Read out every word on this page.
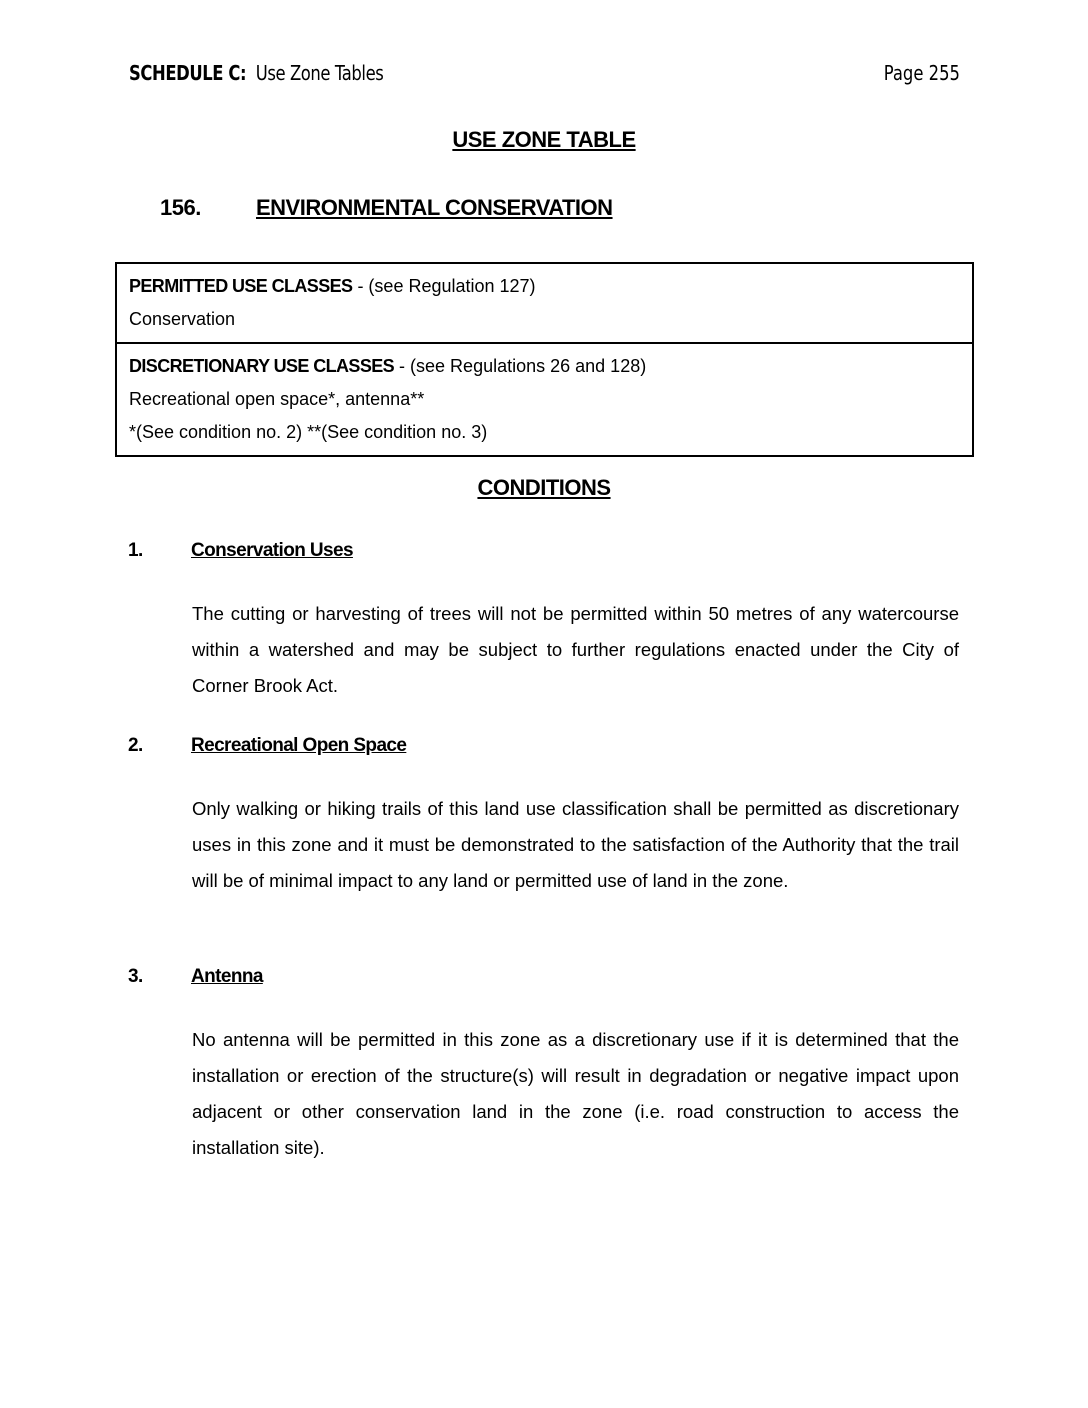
SCHEDULE C: Use Zone Tables	Page 255
USE ZONE TABLE
156.	ENVIRONMENTAL CONSERVATION
PERMITTED USE CLASSES - (see Regulation 127)
Conservation
DISCRETIONARY USE CLASSES - (see Regulations 26 and 128)
Recreational open space*, antenna**
*(See condition no. 2) **(See condition no. 3)
CONDITIONS
1.	Conservation Uses
The cutting or harvesting of trees will not be permitted within 50 metres of any watercourse within a watershed and may be subject to further regulations enacted under the City of Corner Brook Act.
2.	Recreational Open Space
Only walking or hiking trails of this land use classification shall be permitted as discretionary uses in this zone and it must be demonstrated to the satisfaction of the Authority that the trail will be of minimal impact to any land or permitted use of land in the zone.
3.	Antenna
No antenna will be permitted in this zone as a discretionary use if it is determined that the installation or erection of the structure(s) will result in degradation or negative impact upon adjacent or other conservation land in the zone (i.e. road construction to access the installation site).
